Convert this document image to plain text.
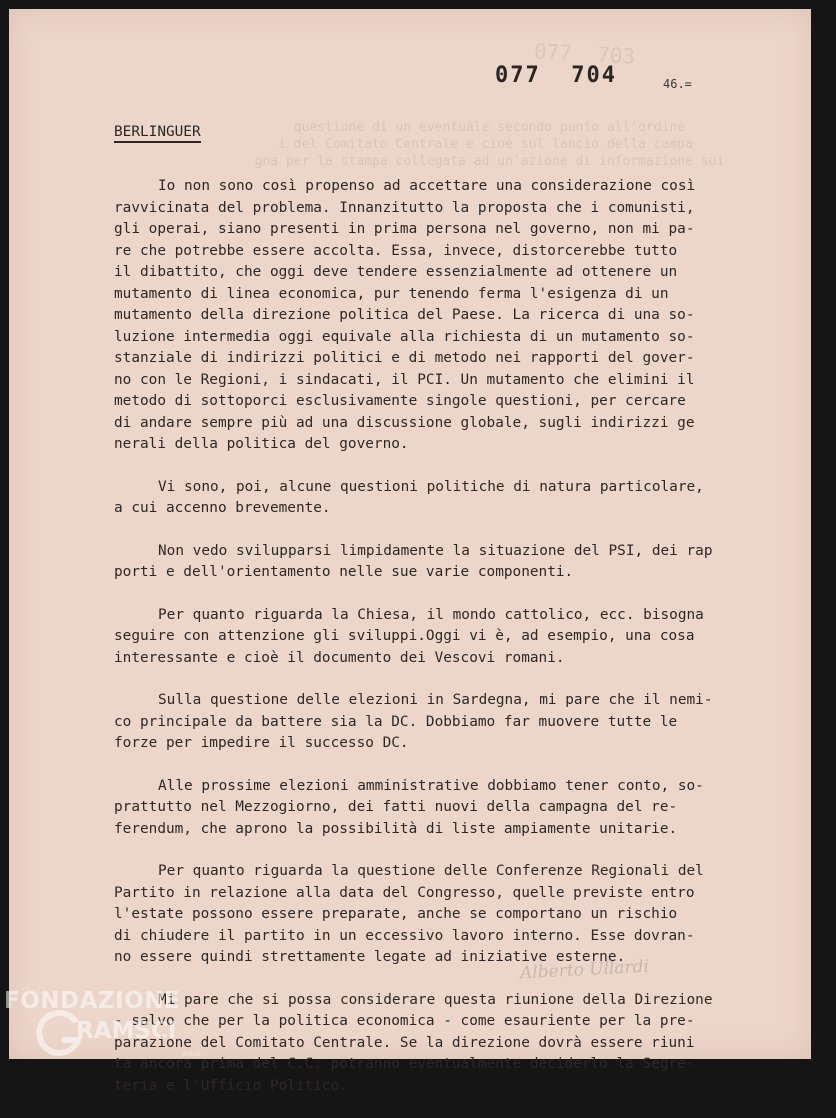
077  703
questione di un eventuale secondo punto all'ordine
i del Comitato Centrale e cioè sul lancio della campa
gna per la stampa collegata ad un'azione di informazione sui
077  704	46.=
BERLINGUER

Io non sono così propenso ad accettare una considerazione così
ravvicinata del problema. Innanzitutto la proposta che i comunisti,
gli operai, siano presenti in prima persona nel governo, non mi pa-
re che potrebbe essere accolta. Essa, invece, distorcerebbe tutto
il dibattito, che oggi deve tendere essenzialmente ad ottenere un
mutamento di linea economica, pur tenendo ferma l'esigenza di un
mutamento della direzione politica del Paese. La ricerca di una so-
luzione intermedia oggi equivale alla richiesta di un mutamento so-
stanziale di indirizzi politici e di metodo nei rapporti del gover-
no con le Regioni, i sindacati, il PCI. Un mutamento che elimini il
metodo di sottoporci esclusivamente singole questioni, per cercare
di andare sempre più ad una discussione globale, sugli indirizzi ge
nerali della politica del governo.

Vi sono, poi, alcune questioni politiche di natura particolare,
a cui accenno brevemente.

Non vedo svilupparsi limpidamente la situazione del PSI, dei rap
porti e dell'orientamento nelle sue varie componenti.

Per quanto riguarda la Chiesa, il mondo cattolico, ecc. bisogna
seguire con attenzione gli sviluppi.Oggi vi è, ad esempio, una cosa
interessante e cioè il documento dei Vescovi romani.

Sulla questione delle elezioni in Sardegna, mi pare che il nemi-
co principale da battere sia la DC. Dobbiamo far muovere tutte le
forze per impedire il successo DC.

Alle prossime elezioni amministrative dobbiamo tener conto, so-
prattutto nel Mezzogiorno, dei fatti nuovi della campagna del re-
ferendum, che aprono la possibilità di liste ampiamente unitarie.

Per quanto riguarda la questione delle Conferenze Regionali del
Partito in relazione alla data del Congresso, quelle previste entro
l'estate possono essere preparate, anche se comportano un rischio
di chiudere il partito in un eccessivo lavoro interno. Esse dovran-
no essere quindi strettamente legate ad iniziative esterne.

Mi pare che si possa considerare questa riunione della Direzione
- salvo che per la politica economica - come esauriente per la pre-
parazione del Comitato Centrale. Se la direzione dovrà essere riuni
ta ancora prima del C.C. potranno eventualmente deciderlo la Segre-
teria e l'Ufficio Politico.

Alberto Ullardi
FONDAZIONE
RAMSCI
onlus
